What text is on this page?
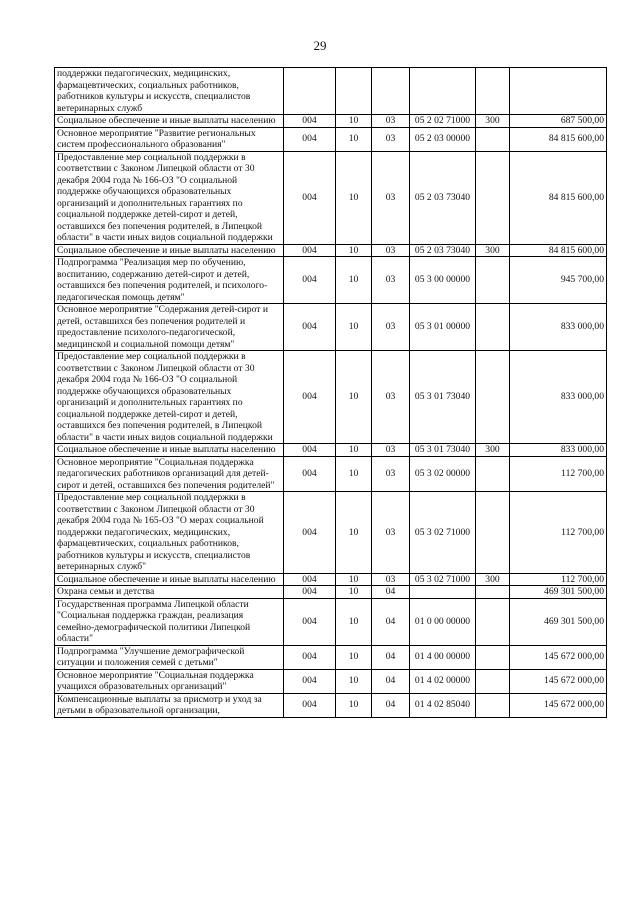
29
поддержки педагогических, медицинских, фармацевтических, социальных работников, работников культуры и искусств, специалистов ветеринарных служб						
Социальное обеспечение и иные выплаты населению	004	10	03	05 2 02 71000	300	687 500,00
Основное мероприятие "Развитие региональных систем профессионального образования"	004	10	03	05 2 03 00000		84 815 600,00
Предоставление мер социальной поддержки в соответствии с Законом Липецкой области от 30 декабря 2004 года № 166-ОЗ "О социальной поддержке обучающихся образовательных организаций и дополнительных гарантиях по социальной поддержке детей-сирот и детей, оставшихся без попечения родителей, в Липецкой области" в части иных видов социальной поддержки	004	10	03	05 2 03 73040		84 815 600,00
Социальное обеспечение и иные выплаты населению	004	10	03	05 2 03 73040	300	84 815 600,00
Подпрограмма "Реализация мер по обучению, воспитанию, содержанию детей-сирот и детей, оставшихся без попечения родителей, и психолого-педагогическая помощь детям"	004	10	03	05 3 00 00000		945 700,00
Основное мероприятие "Содержания детей-сирот и детей, оставшихся без попечения родителей и предоставление психолого-педагогической, медицинской и социальной помощи детям"	004	10	03	05 3 01 00000		833 000,00
Предоставление мер социальной поддержки в соответствии с Законом Липецкой области от 30 декабря 2004 года № 166-ОЗ "О социальной поддержке обучающихся образовательных организаций и дополнительных гарантиях по социальной поддержке детей-сирот и детей, оставшихся без попечения родителей, в Липецкой области" в части иных видов социальной поддержки	004	10	03	05 3 01 73040		833 000,00
Социальное обеспечение и иные выплаты населению	004	10	03	05 3 01 73040	300	833 000,00
Основное мероприятие "Социальная поддержка педагогических работников организаций для детей-сирот и детей, оставшихся без попечения родителей"	004	10	03	05 3 02 00000		112 700,00
Предоставление мер социальной поддержки в соответствии с Законом Липецкой области от 30 декабря 2004 года № 165-ОЗ "О мерах социальной поддержки педагогических, медицинских, фармацевтических, социальных работников, работников культуры и искусств, специалистов ветеринарных служб"	004	10	03	05 3 02 71000		112 700,00
Социальное обеспечение и иные выплаты населению	004	10	03	05 3 02 71000	300	112 700,00
Охрана семьи и детства	004	10	04			469 301 500,00
Государственная программа Липецкой области "Социальная поддержка граждан, реализация семейно-демографической политики Липецкой области"	004	10	04	01 0 00 00000		469 301 500,00
Подпрограмма "Улучшение демографической ситуации и положения семей с детьми"	004	10	04	01 4 00 00000		145 672 000,00
Основное мероприятие "Социальная поддержка учащихся образовательных организаций"	004	10	04	01 4 02 00000		145 672 000,00
Компенсационные выплаты за присмотр и уход за детьми в образовательной организации,	004	10	04	01 4 02 85040		145 672 000,00
